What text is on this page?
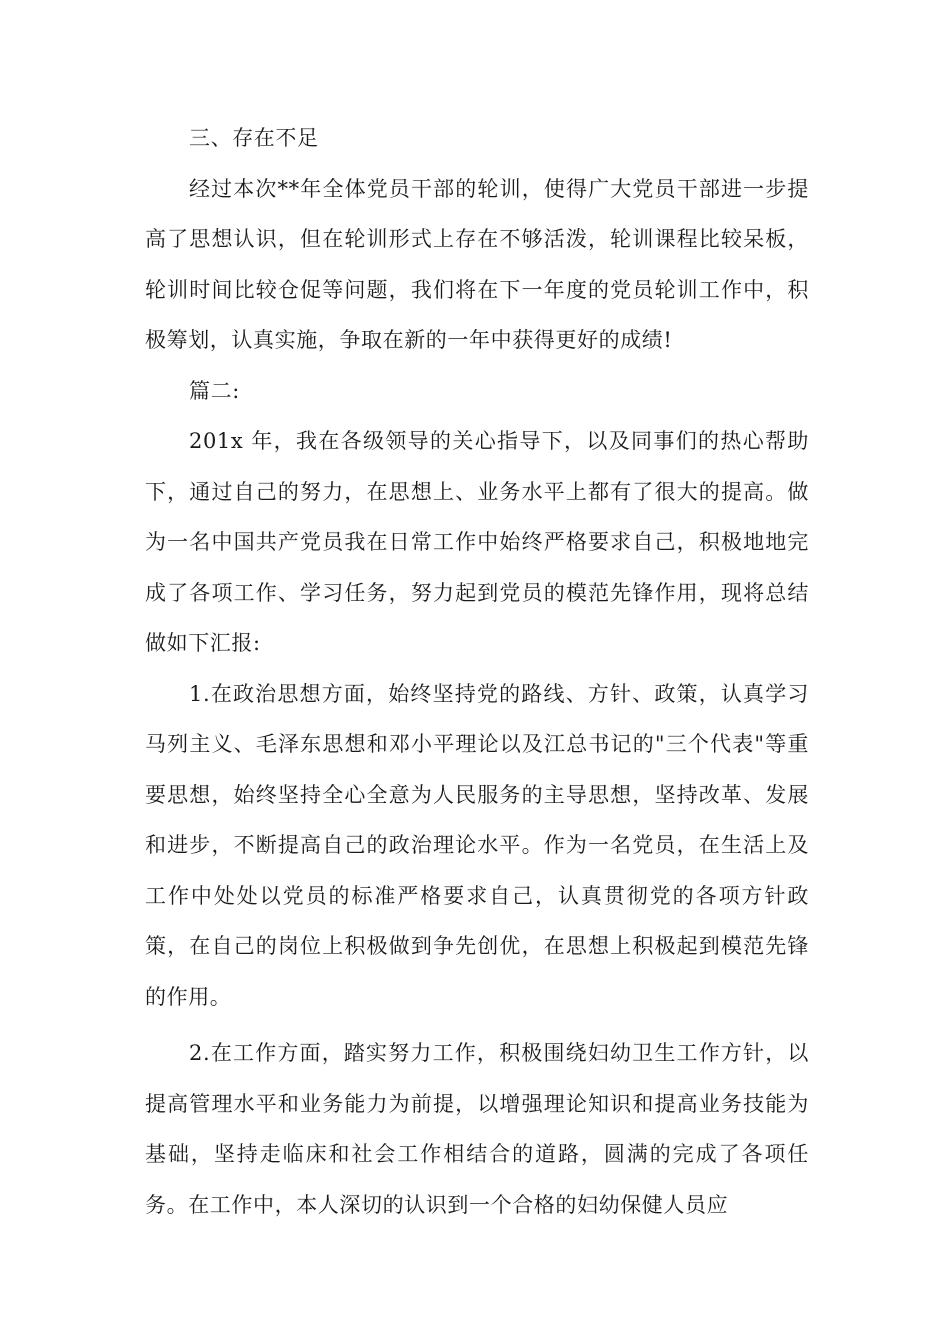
三、存在不足

经过本次**年全体党员干部的轮训，使得广大党员干部进一步提高了思想认识，但在轮训形式上存在不够活泼，轮训课程比较呆板，轮训时间比较仓促等问题，我们将在下一年度的党员轮训工作中，积极筹划，认真实施，争取在新的一年中获得更好的成绩!

篇二:

201x 年，我在各级领导的关心指导下，以及同事们的热心帮助下，通过自己的努力，在思想上、业务水平上都有了很大的提高。做为一名中国共产党员我在日常工作中始终严格要求自己，积极地地完成了各项工作、学习任务，努力起到党员的模范先锋作用，现将总结做如下汇报:

1.在政治思想方面，始终坚持党的路线、方针、政策，认真学习马列主义、毛泽东思想和邓小平理论以及江总书记的"三个代表"等重要思想，始终坚持全心全意为人民服务的主导思想，坚持改革、发展和进步，不断提高自己的政治理论水平。作为一名党员，在生活上及工作中处处以党员的标准严格要求自己，认真贯彻党的各项方针政策，在自己的岗位上积极做到争先创优，在思想上积极起到模范先锋的作用。

2.在工作方面，踏实努力工作，积极围绕妇幼卫生工作方针，以提高管理水平和业务能力为前提，以增强理论知识和提高业务技能为基础，坚持走临床和社会工作相结合的道路，圆满的完成了各项任务。在工作中，本人深切的认识到一个合格的妇幼保健人员应
